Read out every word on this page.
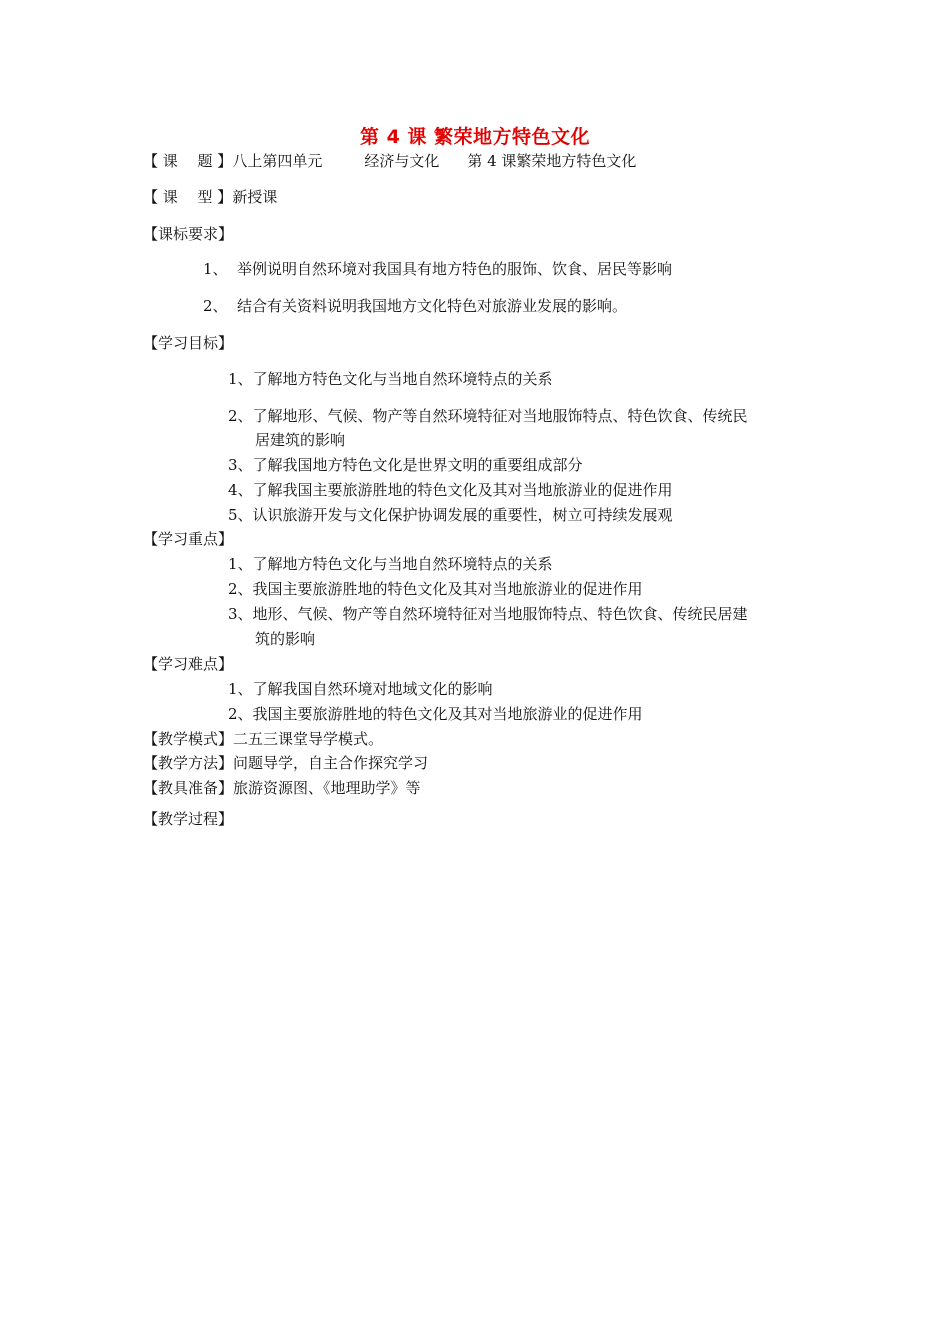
第 4 课 繁荣地方特色文化
【 课　 题 】八上第四单元	经济与文化 第 4 课繁荣地方特色文化
【 课　 型 】新授课
【课标要求】
1、 举例说明自然环境对我国具有地方特色的服饰、饮食、居民等影响
2、 结合有关资料说明我国地方文化特色对旅游业发展的影响。
【学习目标】
1、了解地方特色文化与当地自然环境特点的关系
2、了解地形、气候、物产等自然环境特征对当地服饰特点、特色饮食、传统民
居建筑的影响
3、了解我国地方特色文化是世界文明的重要组成部分
4、了解我国主要旅游胜地的特色文化及其对当地旅游业的促进作用
5、认识旅游开发与文化保护协调发展的重要性，树立可持续发展观
【学习重点】
1、了解地方特色文化与当地自然环境特点的关系
2、我国主要旅游胜地的特色文化及其对当地旅游业的促进作用
3、地形、气候、物产等自然环境特征对当地服饰特点、特色饮食、传统民居建
筑的影响
【学习难点】
1、了解我国自然环境对地域文化的影响
2、我国主要旅游胜地的特色文化及其对当地旅游业的促进作用
【教学模式】二五三课堂导学模式。
【教学方法】问题导学，自主合作探究学习
【教具准备】旅游资源图、《地理助学》等
【教学过程】
